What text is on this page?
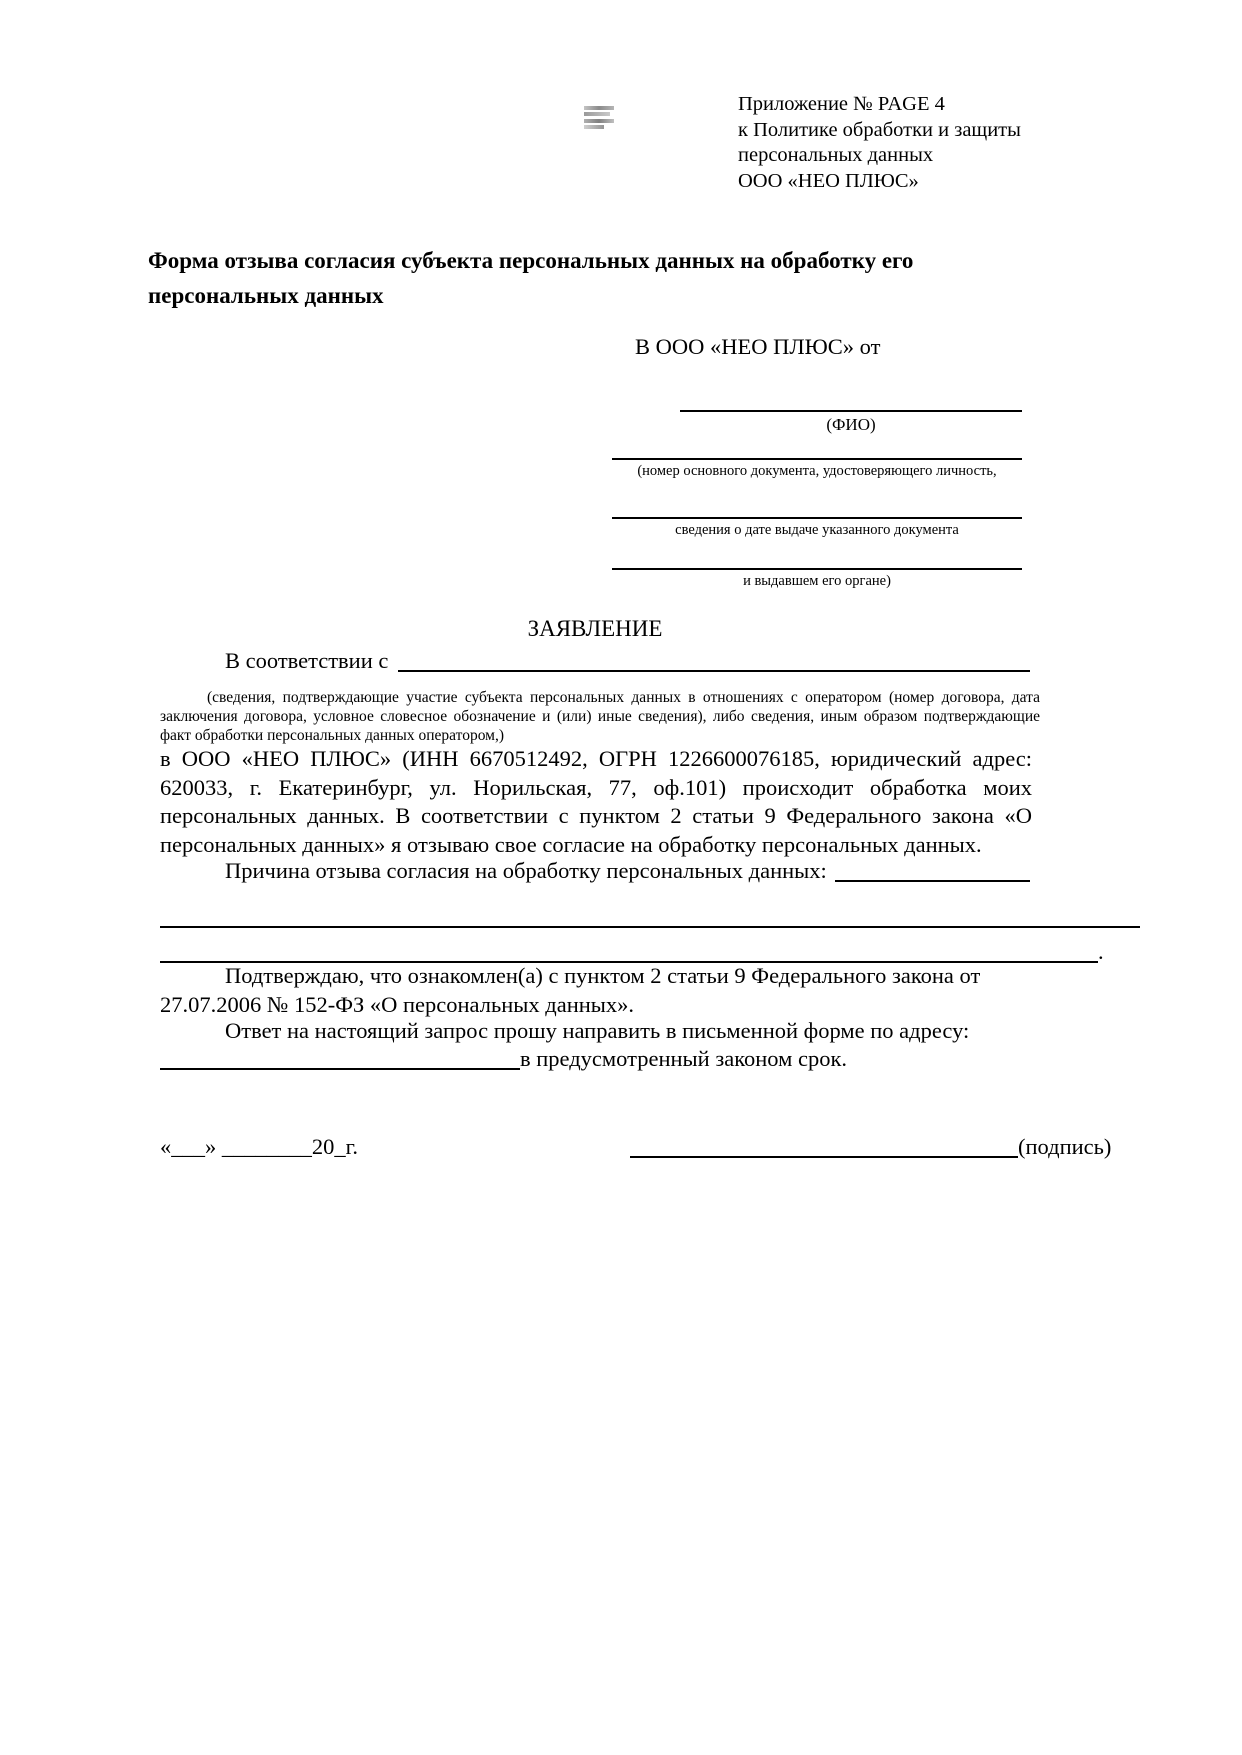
Приложение № PAGE 4
к Политике обработки и защиты
персональных данных
ООО «НЕО ПЛЮС»
Форма отзыва согласия субъекта персональных данных на обработку его
персональных данных
В ООО «НЕО ПЛЮС» от
(ФИО)
(номер основного документа, удостоверяющего личность,
сведения о дате выдаче указанного документа
и выдавшем его органе)
ЗАЯВЛЕНИЕ
В соответствии с
(сведения, подтверждающие участие субъекта персональных данных в отношениях с оператором (номер договора, дата заключения договора, условное словесное обозначение и (или) иные сведения), либо сведения, иным образом подтверждающие факт обработки персональных данных оператором,)
в ООО «НЕО ПЛЮС» (ИНН 6670512492, ОГРН 1226600076185, юридический адрес: 620033, г. Екатеринбург, ул. Норильская, 77, оф.101) происходит обработка моих персональных данных. В соответствии с пунктом 2 статьи 9 Федерального закона «О персональных данных» я отзываю свое согласие на обработку персональных данных.
Причина отзыва согласия на обработку персональных данных:
.
Подтверждаю, что ознакомлен(а) с пунктом 2 статьи 9 Федерального закона от 27.07.2006 № 152-ФЗ «О персональных данных».
Ответ на настоящий запрос прошу направить в письменной форме по адресу:
в предусмотренный законом срок.
«___» ________20_г.	(подпись)
